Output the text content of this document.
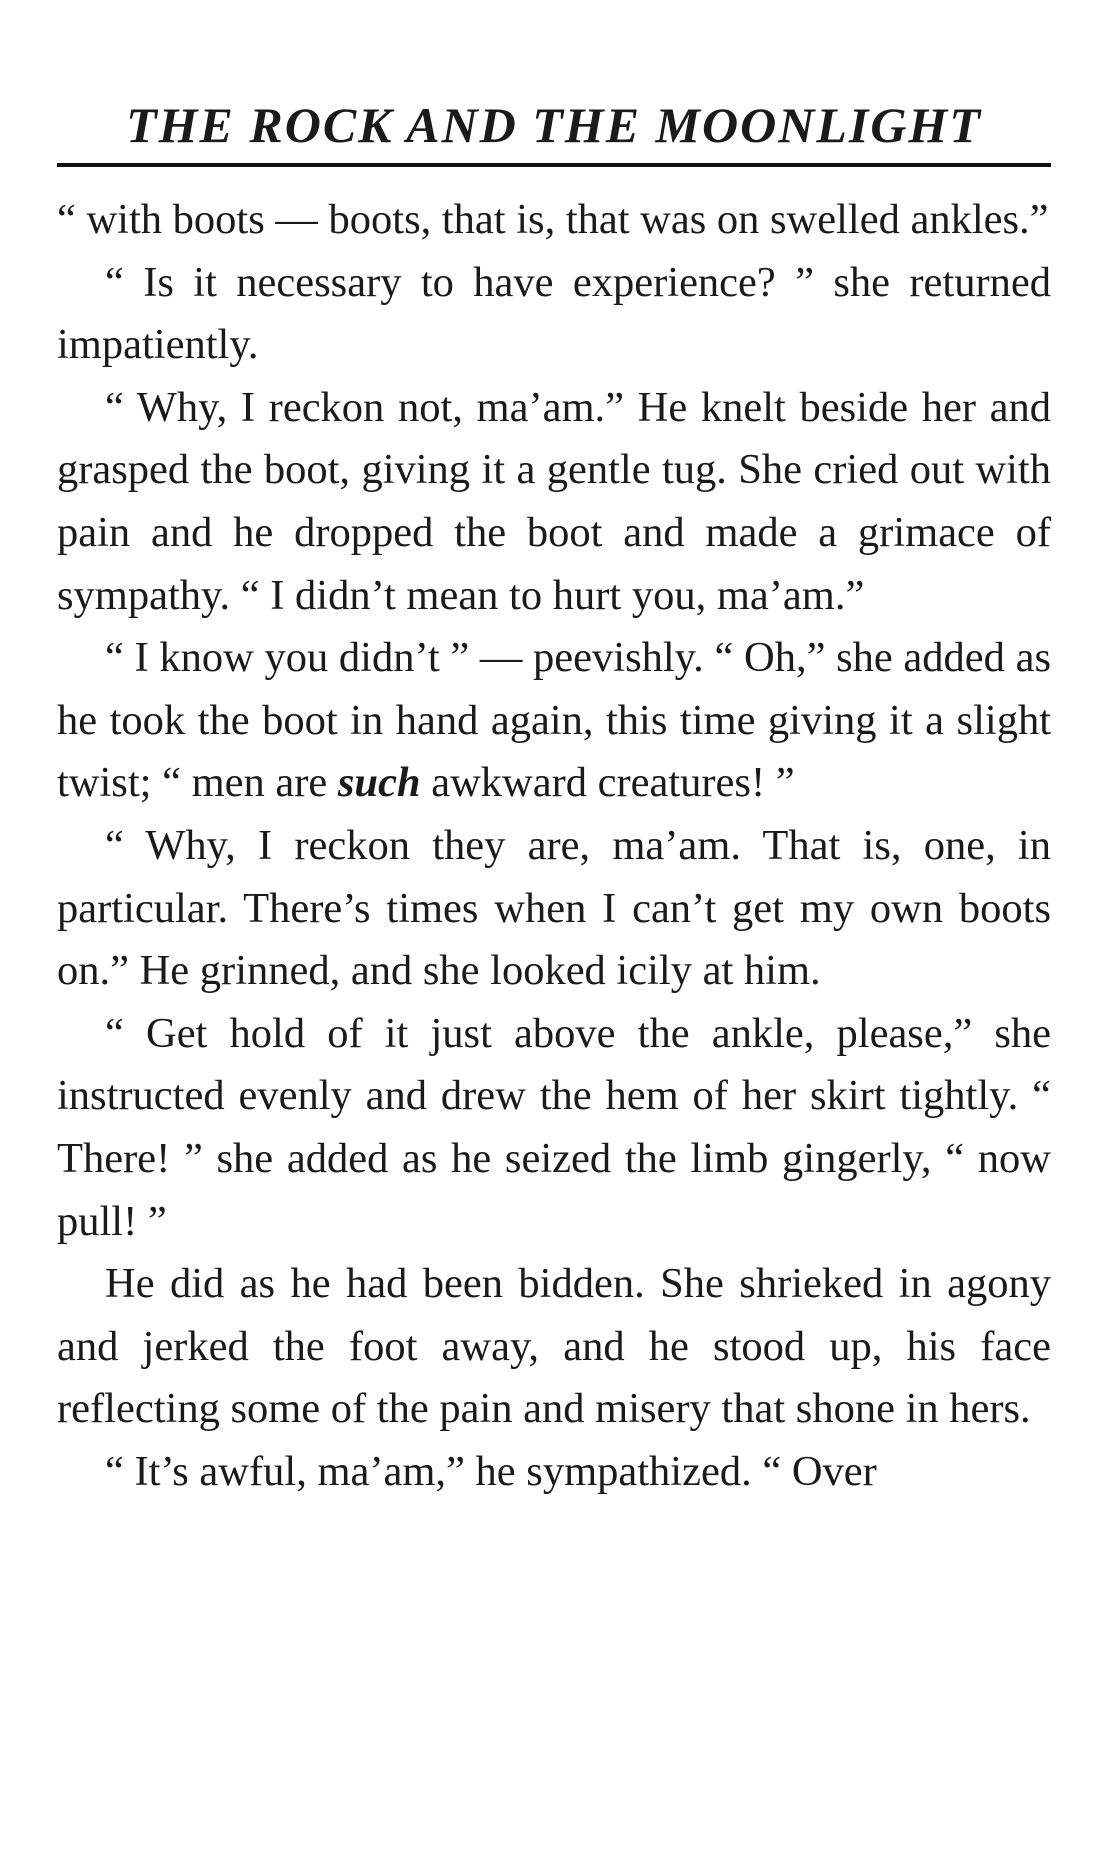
THE ROCK AND THE MOONLIGHT

“ with boots — boots, that is, that was on swelled ankles.”

“ Is it necessary to have experience? ” she returned impatiently.

“ Why, I reckon not, ma’am.” He knelt beside her and grasped the boot, giving it a gentle tug. She cried out with pain and he dropped the boot and made a grimace of sympathy. “ I didn’t mean to hurt you, ma’am.”

“ I know you didn’t ” — peevishly. “ Oh,” she added as he took the boot in hand again, this time giving it a slight twist; “ men are such awkward creatures! ”

“ Why, I reckon they are, ma’am. That is, one, in particular. There’s times when I can’t get my own boots on.” He grinned, and she looked icily at him.

“ Get hold of it just above the ankle, please,” she instructed evenly and drew the hem of her skirt tightly. “ There! ” she added as he seized the limb gingerly, “ now pull! ”

He did as he had been bidden. She shrieked in agony and jerked the foot away, and he stood up, his face reflecting some of the pain and misery that shone in hers.

“ It’s awful, ma’am,” he sympathized. “ Over
